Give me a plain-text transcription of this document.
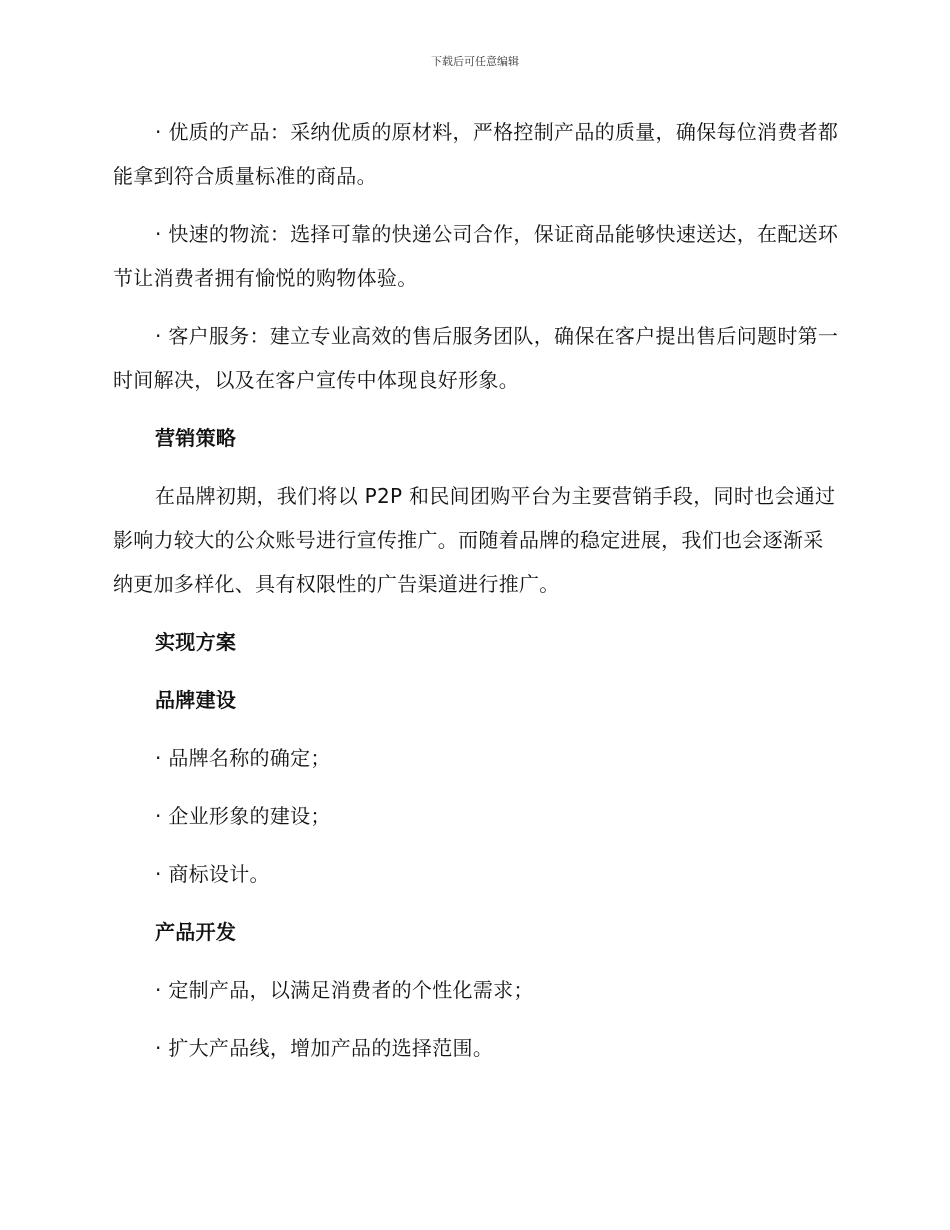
下载后可任意编辑

· 优质的产品：采纳优质的原材料，严格控制产品的质量，确保每位消费者都能拿到符合质量标准的商品。

· 快速的物流：选择可靠的快递公司合作，保证商品能够快速送达，在配送环节让消费者拥有愉悦的购物体验。

· 客户服务：建立专业高效的售后服务团队，确保在客户提出售后问题时第一时间解决，以及在客户宣传中体现良好形象。

营销策略

在品牌初期，我们将以 P2P 和民间团购平台为主要营销手段，同时也会通过影响力较大的公众账号进行宣传推广。而随着品牌的稳定进展，我们也会逐渐采纳更加多样化、具有权限性的广告渠道进行推广。

实现方案

品牌建设

· 品牌名称的确定；

· 企业形象的建设；

· 商标设计。

产品开发

· 定制产品，以满足消费者的个性化需求；

· 扩大产品线，增加产品的选择范围。
